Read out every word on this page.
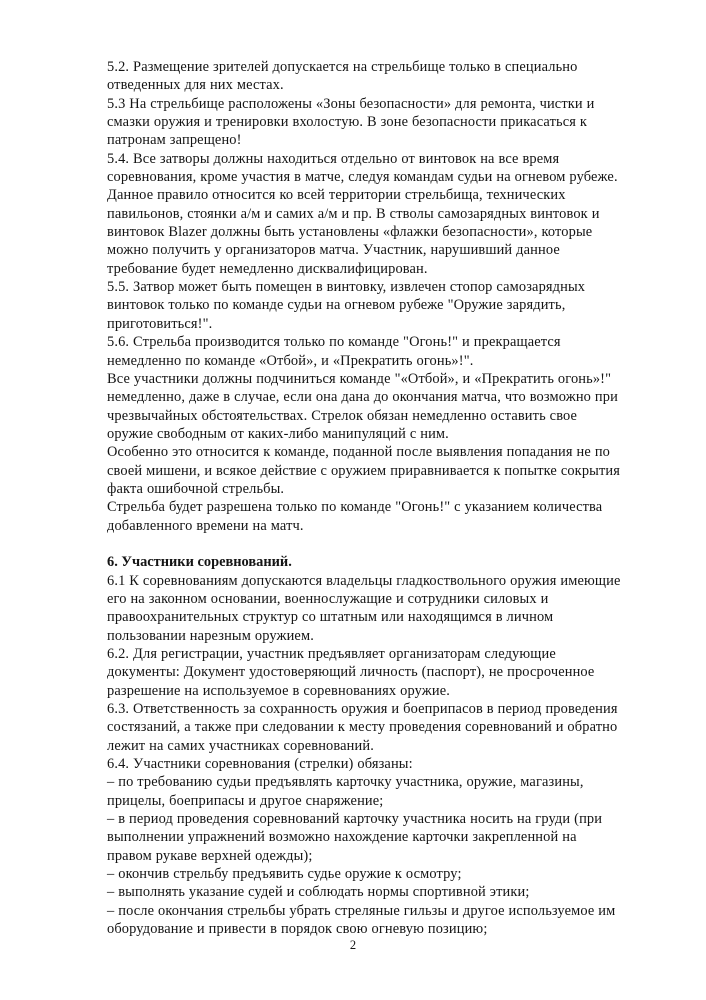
5.2. Размещение зрителей допускается на стрельбище только в специально отведенных для них местах.
5.3 На стрельбище расположены «Зоны безопасности» для ремонта, чистки и смазки оружия и тренировки вхолостую. В зоне безопасности прикасаться к патронам запрещено!
5.4. Все затворы должны находиться отдельно от винтовок на все время соревнования, кроме участия в матче, следуя командам судьи на огневом рубеже. Данное правило относится ко всей территории стрельбища, технических павильонов, стоянки а/м и самих а/м и пр. В стволы самозарядных винтовок и винтовок Blazer должны быть установлены «флажки безопасности», которые можно получить у организаторов матча. Участник, нарушивший данное требование будет немедленно дисквалифицирован.
5.5. Затвор может быть помещен в винтовку, извлечен стопор самозарядных винтовок только по команде судьи на огневом рубеже "Оружие зарядить, приготовиться!".
5.6. Стрельба производится только по команде "Огонь!" и прекращается немедленно по команде «Отбой», и «Прекратить огонь»!".
Все участники должны подчиниться команде "«Отбой», и «Прекратить огонь»!" немедленно, даже в случае, если она дана до окончания матча, что возможно при чрезвычайных обстоятельствах. Стрелок обязан немедленно оставить свое оружие свободным от каких-либо манипуляций с ним.
Особенно это относится к команде, поданной после выявления попадания не по своей мишени, и всякое действие с оружием приравнивается к попытке сокрытия факта ошибочной стрельбы.
Стрельба будет разрешена только по команде "Огонь!" с указанием количества добавленного времени на матч.
6. Участники соревнований.
6.1 К соревнованиям допускаются владельцы гладкоствольного оружия имеющие его на законном основании, военнослужащие и сотрудники силовых и правоохранительных структур со штатным или находящимся в личном пользовании нарезным оружием.
6.2. Для регистрации, участник предъявляет организаторам следующие документы: Документ удостоверяющий личность (паспорт), не просроченное разрешение на используемое в соревнованиях оружие.
6.3. Ответственность за сохранность оружия и боеприпасов в период проведения состязаний, а также при следовании к месту проведения соревнований и обратно лежит на самих участниках соревнований.
6.4. Участники соревнования (стрелки) обязаны:
– по требованию судьи предъявлять карточку участника, оружие, магазины, прицелы, боеприпасы и другое снаряжение;
– в период проведения соревнований карточку участника носить на груди (при выполнении упражнений возможно нахождение карточки закрепленной на правом рукаве верхней одежды);
– окончив стрельбу предъявить судье оружие к осмотру;
– выполнять указание судей и соблюдать нормы спортивной этики;
– после окончания стрельбы убрать стреляные гильзы и другое используемое им оборудование и привести в порядок свою огневую позицию;
2
